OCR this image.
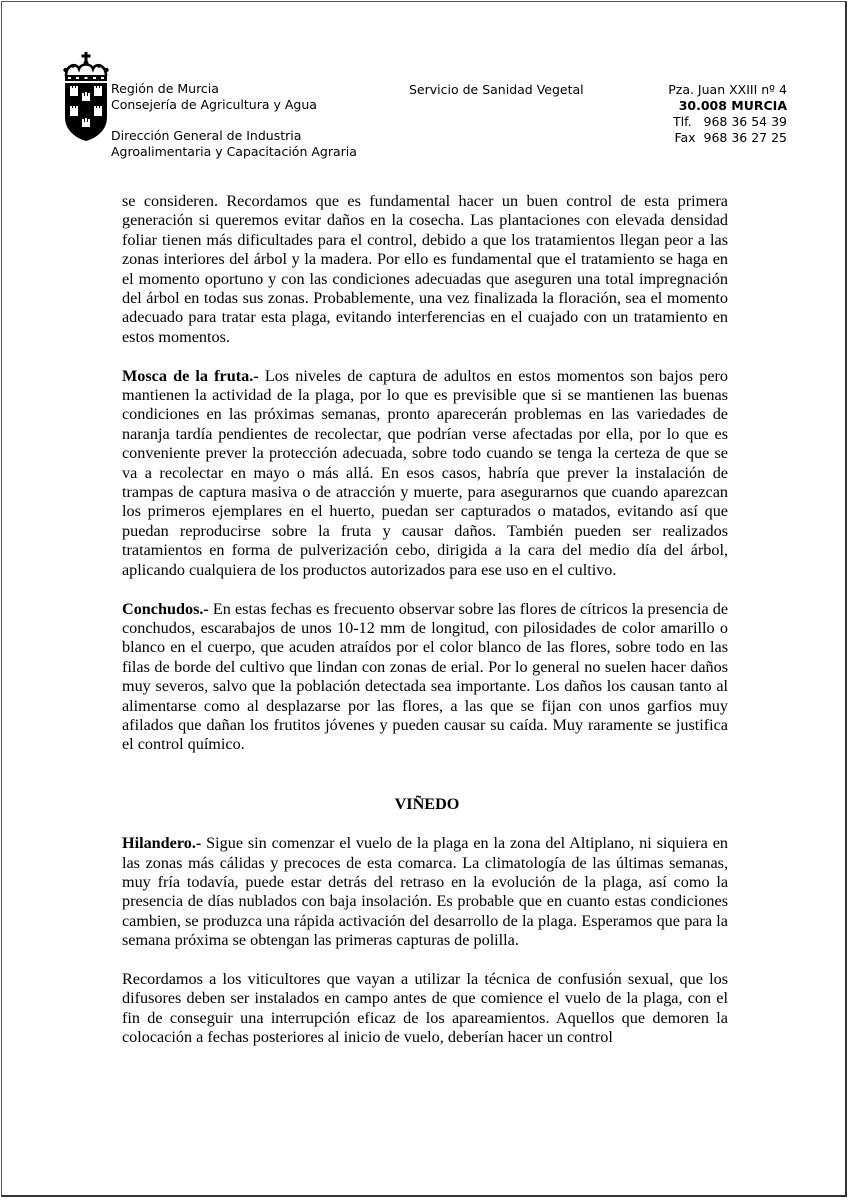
Región de Murcia
Consejería de Agricultura y Agua
Dirección General de Industria
Agroalimentaria y Capacitación Agraria
Servicio de Sanidad Vegetal	Pza. Juan XXIII nº 4
30.008 MURCIA
Tlf.   968 36 54 39
Fax  968 36 27 25

se consideren. Recordamos que es fundamental hacer un buen control de esta primera generación si queremos evitar daños en la cosecha. Las plantaciones con elevada densidad foliar tienen más dificultades para el control, debido a que los tratamientos llegan peor a las zonas interiores del árbol y la madera. Por ello es fundamental que el tratamiento se haga en el momento oportuno y con las condiciones adecuadas que aseguren una total impregnación del árbol en todas sus zonas. Probablemente, una vez finalizada la floración, sea el momento adecuado para tratar esta plaga, evitando interferencias en el cuajado con un tratamiento en estos momentos.

Mosca de la fruta.- Los niveles de captura de adultos en estos momentos son bajos pero mantienen la actividad de la plaga, por lo que es previsible que si se mantienen las buenas condiciones en las próximas semanas, pronto aparecerán problemas en las variedades de naranja tardía pendientes de recolectar, que podrían verse afectadas por ella, por lo que es conveniente prever la protección adecuada, sobre todo cuando se tenga la certeza de que se va a recolectar en mayo o más allá. En esos casos, habría que prever la instalación de trampas de captura masiva o de atracción y muerte, para asegurarnos que cuando aparezcan los primeros ejemplares en el huerto, puedan ser capturados o matados, evitando así que puedan reproducirse sobre la fruta y causar daños. También pueden ser realizados tratamientos en forma de pulverización cebo, dirigida a la cara del medio día del árbol, aplicando cualquiera de los productos autorizados para ese uso en el cultivo.

Conchudos.- En estas fechas es frecuento observar sobre las flores de cítricos la presencia de conchudos, escarabajos de unos 10-12 mm de longitud, con pilosidades de color amarillo o blanco en el cuerpo, que acuden atraídos por el color blanco de las flores, sobre todo en las filas de borde del cultivo que lindan con zonas de erial. Por lo general no suelen hacer daños muy severos, salvo que la población detectada sea importante. Los daños los causan tanto al alimentarse como al desplazarse por las flores, a las que se fijan con unos garfios muy afilados que dañan los frutitos jóvenes y pueden causar su caída. Muy raramente se justifica el control químico.

VIÑEDO

Hilandero.- Sigue sin comenzar el vuelo de la plaga en la zona del Altiplano, ni siquiera en las zonas más cálidas y precoces de esta comarca. La climatología de las últimas semanas, muy fría todavía, puede estar detrás del retraso en la evolución de la plaga, así como la presencia de días nublados con baja insolación. Es probable que en cuanto estas condiciones cambien, se produzca una rápida activación del desarrollo de la plaga. Esperamos que para la semana próxima se obtengan las primeras capturas de polilla.

Recordamos a los viticultores que vayan a utilizar la técnica de confusión sexual, que los difusores deben ser instalados en campo antes de que comience el vuelo de la plaga, con el fin de conseguir una interrupción eficaz de los apareamientos. Aquellos que demoren la colocación a fechas posteriores al inicio de vuelo, deberían hacer un control
